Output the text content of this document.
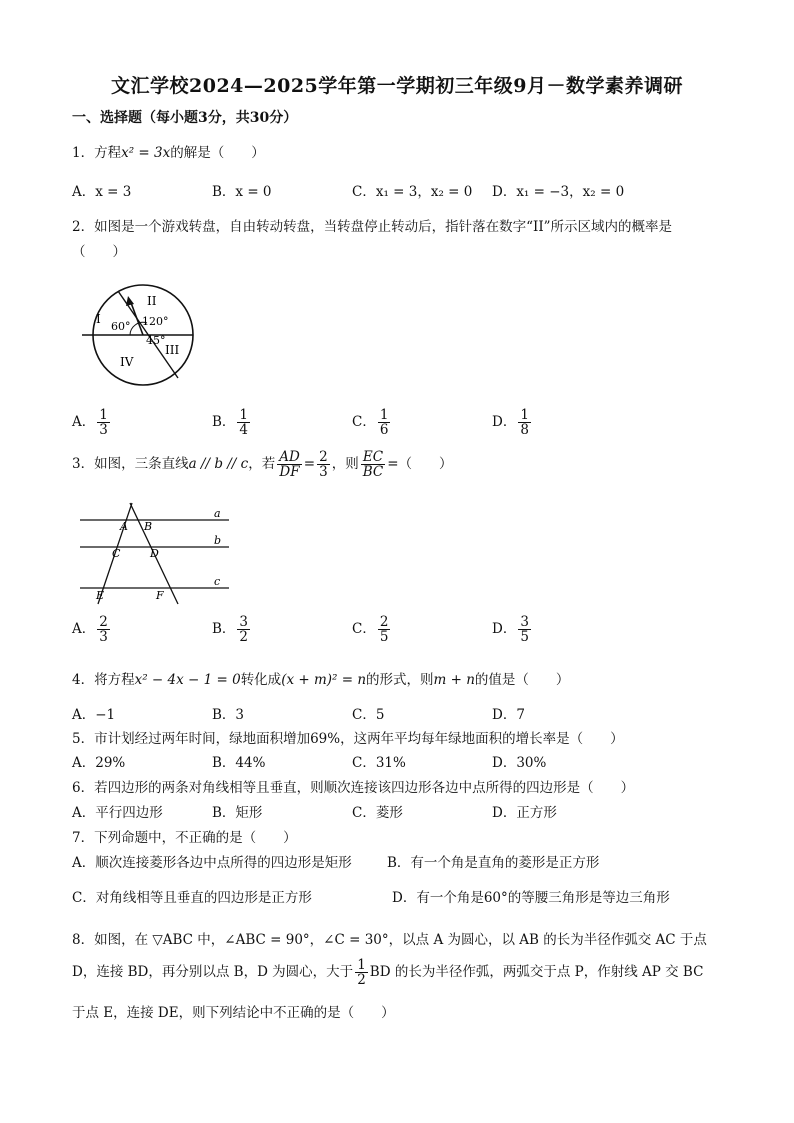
文汇学校2024—2025学年第一学期初三年级9月－数学素养调研
一、选择题（每小题3分，共30分）
1．方程x² = 3x的解是（　　）
A．x = 3	B．x = 0	C．x₁ = 3，x₂ = 0 D．x₁ = −3，x₂ = 0
2．如图是一个游戏转盘，自由转动转盘，当转盘停止转动后，指针落在数字“II”所示区域内的概率是
（　　）
I
II
III
IV
60° 120°
45°
A． $\frac{1}{3}$	B． $\frac{1}{4}$	C． $\frac{1}{6}$	D． $\frac{1}{8}$
3．如图，三条直线a // b // c，若 $\frac{AD}{DF} = \frac{2}{3}$ ，则 $\frac{EC}{BC}$ =（　　）
A B
C	D
E	F
a
b
c
A． $\frac{2}{3}$	B． $\frac{3}{2}$	C． $\frac{2}{5}$	D． $\frac{3}{5}$
4．将方程x² − 4x − 1 = 0转化成(x + m)² = n的形式，则m + n的值是（　　）
A．−1	B．3	C．5	D．7
5．市计划经过两年时间，绿地面积增加69%，这两年平均每年绿地面积的增长率是（　　）
A．29%	B．44%	C．31%	D．30%
6．若四边形的两条对角线相等且垂直，则顺次连接该四边形各边中点所得的四边形是（　　）
A．平行四边形	B．矩形	C．菱形	D．正方形
7．下列命题中，不正确的是（　　）
A．顺次连接菱形各边中点所得的四边形是矩形	B．有一个角是直角的菱形是正方形
C．对角线相等且垂直的四边形是正方形	D．有一个角是60°的等腰三角形是等边三角形
8．如图，在 ▽ABC 中，∠ABC = 90°，∠C = 30°，以点 A 为圆心，以 AB 的长为半径作弧交 AC 于点
D，连接 BD，再分别以点 B，D 为圆心，大于 $\frac{1}{2}$ BD 的长为半径作弧，两弧交于点 P，作射线 AP 交 BC
于点 E，连接 DE，则下列结论中不正确的是（　　）
